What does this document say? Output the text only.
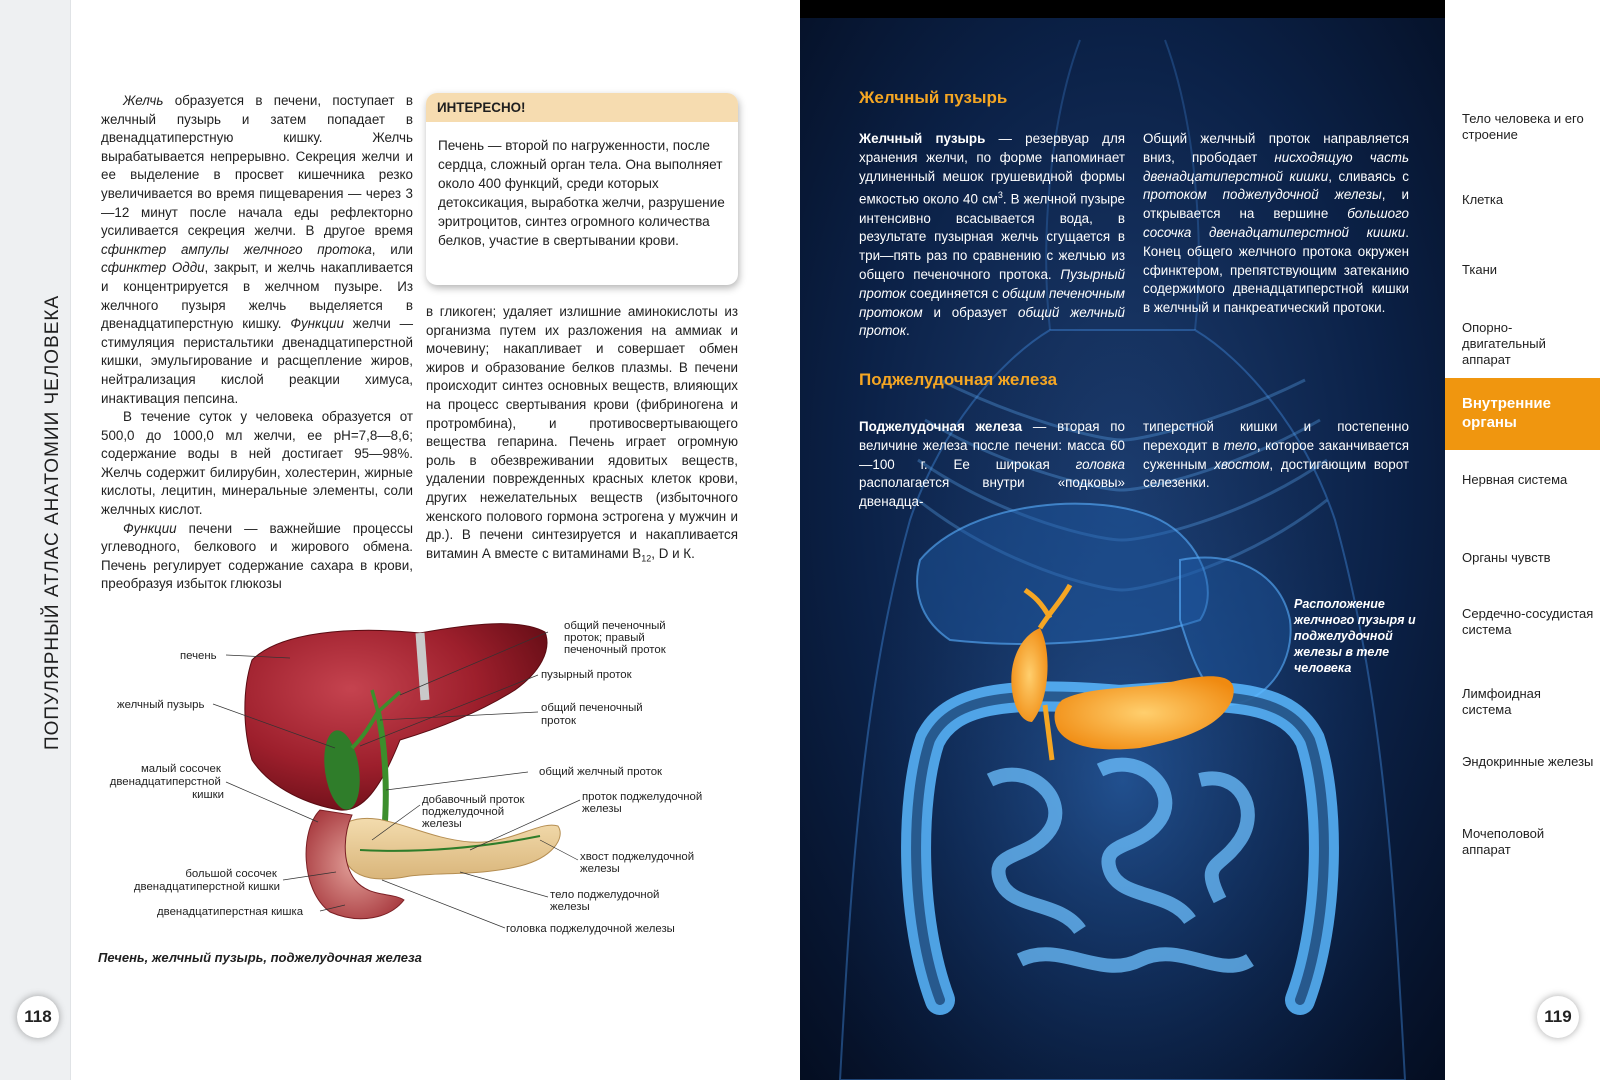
ПОПУЛЯРНЫЙ АТЛАС АНАТОМИИ ЧЕЛОВЕКА
118

Желчь образуется в печени, поступает в желчный пузырь и затем попадает в двенадцатиперстную кишку. Желчь вырабатывается непрерывно. Секреция желчи и ее выделение в просвет кишечника резко увеличивается во время пищеварения — через 3—12 минут после начала еды рефлекторно усиливается секреция желчи. В другое время сфинктер ампулы желчного протока, или сфинктер Одди, закрыт, и желчь накапливается и концентрируется в желчном пузыре. Из желчного пузыря желчь выделяется в двенадцатиперстную кишку. Функции желчи — стимуляция перистальтики двенадцатиперстной кишки, эмульгирование и расщепление жиров, нейтрализация кислой реакции химуса, инактивация пепсина.

В течение суток у человека образуется от 500,0 до 1000,0 мл желчи, ее pH=7,8—8,6; содержание воды в ней достигает 95—98%. Желчь содержит билирубин, холестерин, жирные кислоты, лецитин, минеральные элементы, соли желчных кислот.

Функции печени — важнейшие процессы углеводного, белкового и жирового обмена. Печень регулирует содержание сахара в крови, преобразуя избыток глюкозы

ИНТЕРЕСНО!
Печень — второй по нагруженности, после сердца, сложный орган тела. Она выполняет около 400 функций, среди которых детоксикация, выработка желчи, разрушение эритроцитов, синтез огромного количества белков, участие в свертывании крови.

в гликоген; удаляет излишние аминокислоты из организма путем их разложения на аммиак и мочевину; накапливает и совершает обмен жиров и образование белков плазмы. В печени происходит синтез основных веществ, влияющих на процесс свертывания крови (фибриногена и протромбина), и противосвертывающего вещества гепарина. Печень играет огромную роль в обезвреживании ядовитых веществ, удалении поврежденных красных клеток крови, других нежелательных веществ (избыточного женского полового гормона эстрогена у мужчин и др.). В печени синтезируется и накапливается витамин А вместе с витаминами $B_{12}$, D и К.

печень
желчный пузырь
малый сосочек двенадцатиперстной кишки
большой сосочек двенадцатиперстной кишки
двенадцатиперстная кишка
общий печеночный проток; правый печеночный проток
пузырный проток
общий печеночный проток
общий желчный проток
добавочный проток поджелудочной железы
проток поджелудочной железы
хвост поджелудочной железы
тело поджелудочной железы
головка поджелудочной железы
Печень, желчный пузырь, поджелудочная железа
Желчный пузырь

Желчный пузырь — резервуар для хранения желчи, по форме напоминает удлиненный мешок грушевидной формы емкостью около 40 $см^3$. В желчной пузыре интенсивно всасывается вода, в результате пузырная желчь сгущается в три—пять раз по сравнению с желчью из общего печеночного протока. Пузырный проток соединяется с общим печеночным протоком и образует общий желчный проток.

Общий желчный проток направляется вниз, прободает нисходящую часть двенадцатиперстной кишки, сливаясь с протоком поджелудочной железы, и открывается на вершине большого сосочка двенадцатиперстной кишки. Конец общего желчного протока окружен сфинктером, препятствующим затеканию содержимого двенадцатиперстной кишки в желчный и панкреатический протоки.

Поджелудочная железа

Поджелудочная железа — вторая по величине железа после печени: масса 60—100 г. Ее широкая головка располагается внутри «подковы» двенадца-

типерстной кишки и постепенно переходит в тело, которое заканчивается суженным хвостом, достигающим ворот селезенки.

Расположение желчного пузыря и поджелудочной железы в теле человека
Тело человека и его строение
Клетка
Ткани
Опорно-двигательный аппарат
Внутренние органы
Нервная система
Органы чувств
Сердечно-сосудистая система
Лимфоидная система
Эндокринные железы
Мочеполовой аппарат
119
